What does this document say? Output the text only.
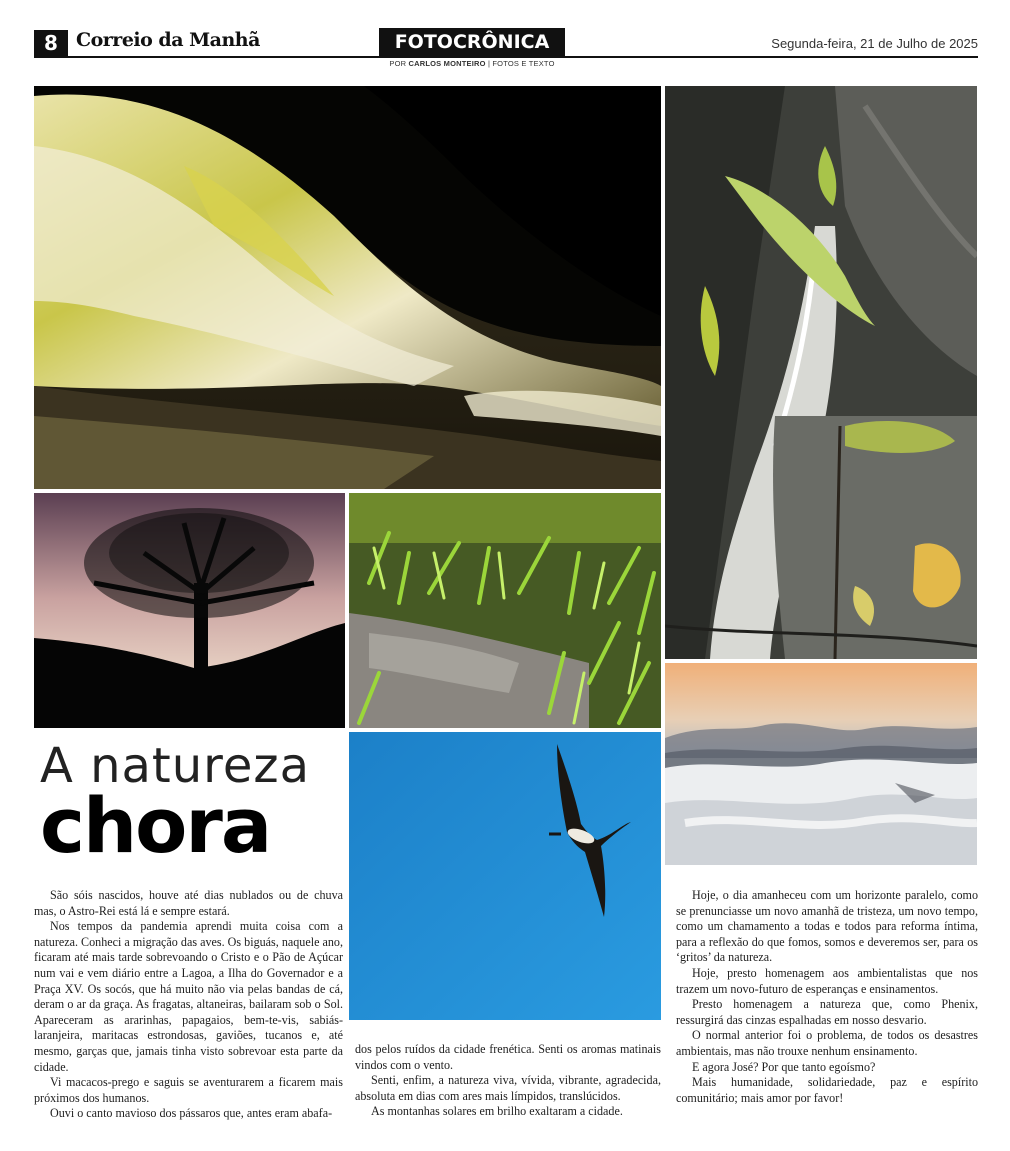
8 Correio da Manhã	FOTOCRÔNICA	Segunda-feira, 21 de Julho de 2025
POR CARLOS MONTEIRO | FOTOS E TEXTO
A natureza
chora

São sóis nascidos, houve até dias nublados ou de chuva mas, o Astro-Rei está lá e sempre estará.

Nos tempos da pandemia aprendi muita coisa com a natureza. Conheci a migração das aves. Os biguás, naquele ano, ficaram até mais tarde sobrevoando o Cristo e o Pão de Açúcar num vai e vem diário entre a Lagoa, a Ilha do Governador e a Praça XV. Os socós, que há muito não via pelas bandas de cá, deram o ar da graça. As fragatas, altaneiras, bailaram sob o Sol. Apareceram as ararinhas, papagaios, bem-te-vis, sabiás-laranjeira, maritacas estrondosas, gaviões, tucanos e, até mesmo, garças que, jamais tinha visto sobrevoar esta parte da cidade.

Vi macacos-prego e saguis se aventurarem a ficarem mais próximos dos humanos.

Ouvi o canto mavioso dos pássaros que, antes eram abafa-

dos pelos ruídos da cidade frenética. Senti os aromas matinais vindos com o vento.

Senti, enfim, a natureza viva, vívida, vibrante, agradecida, absoluta em dias com ares mais límpidos, translúcidos.

As montanhas solares em brilho exaltaram a cidade.

Hoje, o dia amanheceu com um horizonte paralelo, como se prenunciasse um novo amanhã de tristeza, um novo tempo, como um chamamento a todas e todos para reforma íntima, para a reflexão do que fomos, somos e deveremos ser, para os ‘gritos’ da natureza.

Hoje, presto homenagem aos ambientalistas que nos trazem um novo-futuro de esperanças e ensinamentos.

Presto homenagem a natureza que, como Phenix, ressurgirá das cinzas espalhadas em nosso desvario.

O normal anterior foi o problema, de todos os desastres ambientais, mas não trouxe nenhum ensinamento.

E agora José? Por que tanto egoísmo?

Mais humanidade, solidariedade, paz e espírito comunitário; mais amor por favor!
